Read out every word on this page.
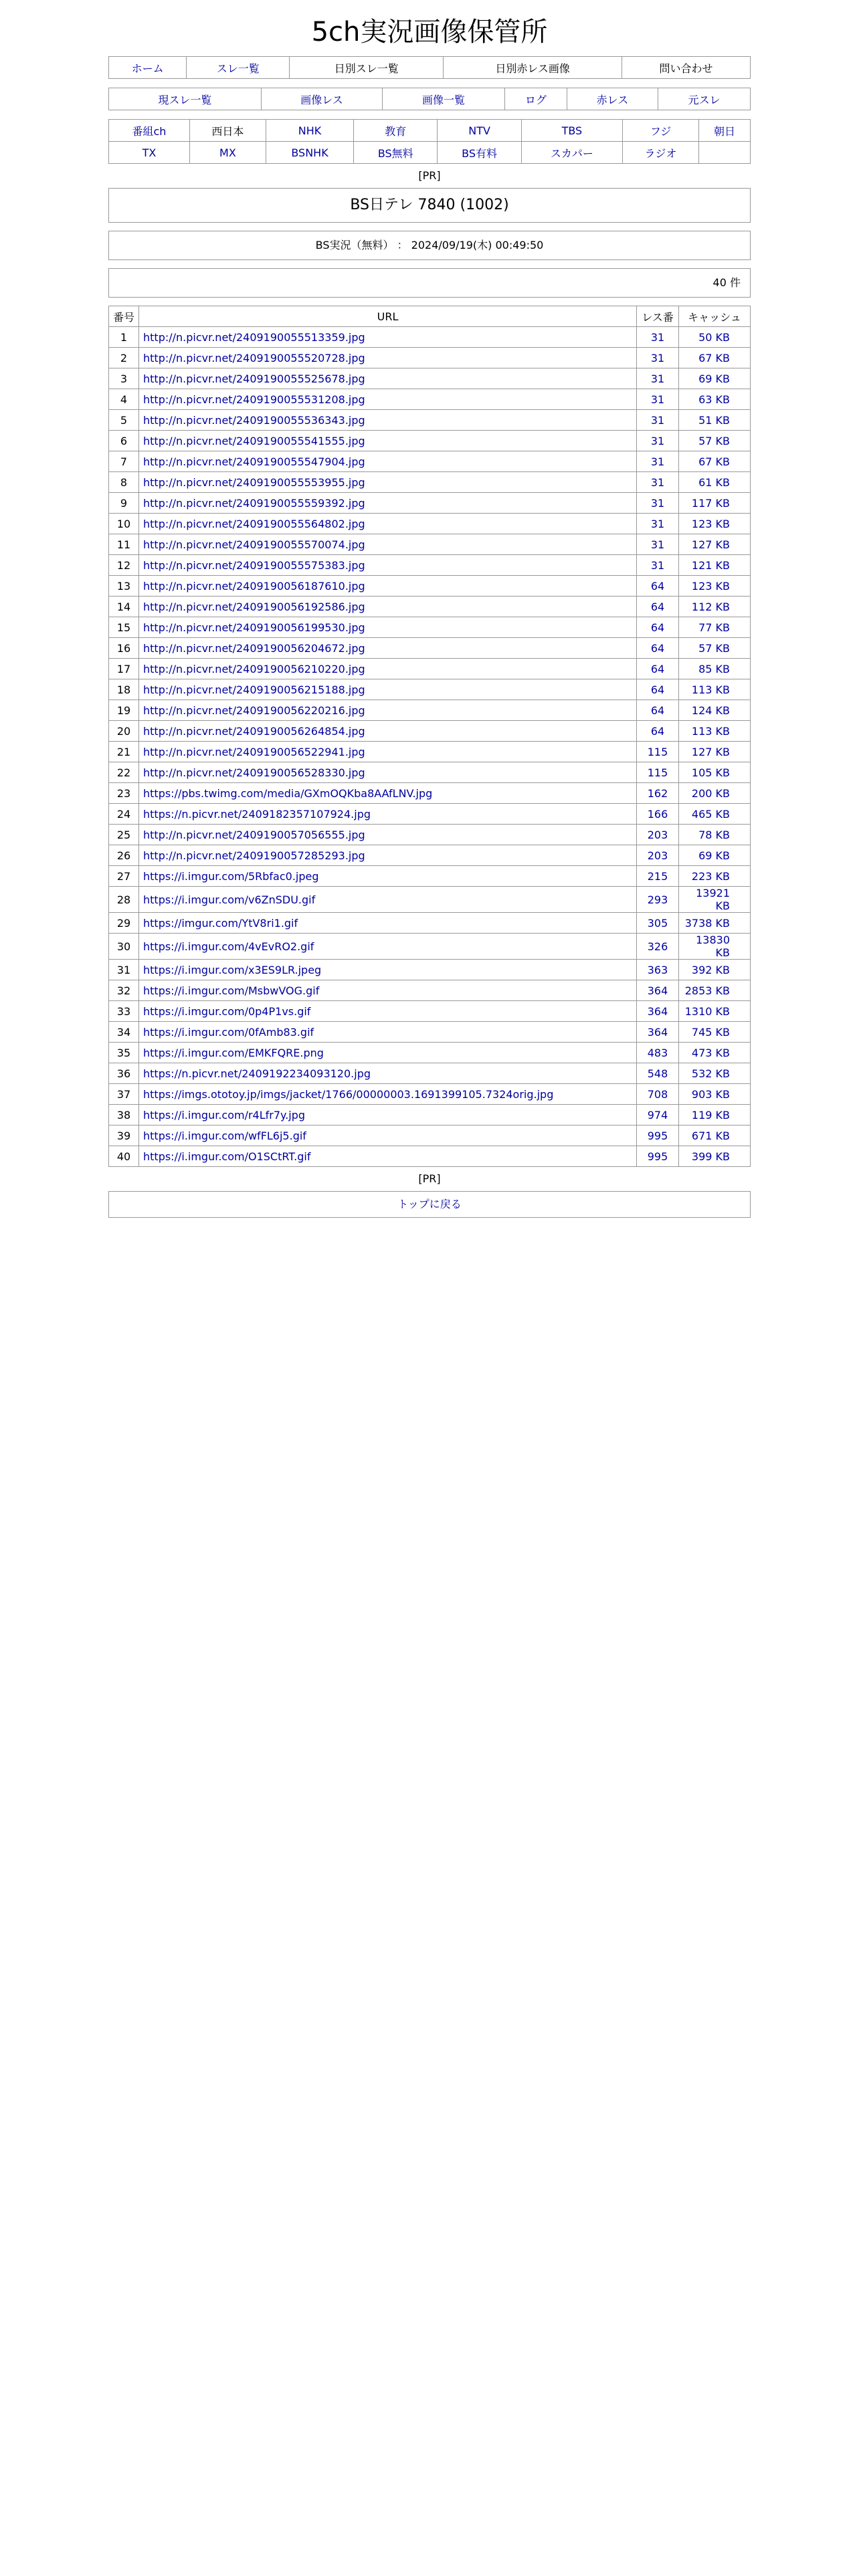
5ch実況画像保管所
ホーム	スレ一覧	日別スレ一覧	日別赤レス画像	問い合わせ
現スレ一覧	画像レス	画像一覧	ログ	赤レス	元スレ
番組ch	西日本	NHK	教育	NTV	TBS	フジ	朝日
TX	MX	BSNHK	BS無料	BS有料	スカパー	ラジオ	
[PR]
BS日テレ 7840 (1002)
BS実況（無料） ： 2024/09/19(木) 00:49:50
40 件
番号	URL	レス番	キャッシュ
1	http://n.picvr.net/2409190055513359.jpg	31	50 KB
2	http://n.picvr.net/2409190055520728.jpg	31	67 KB
3	http://n.picvr.net/2409190055525678.jpg	31	69 KB
4	http://n.picvr.net/2409190055531208.jpg	31	63 KB
5	http://n.picvr.net/2409190055536343.jpg	31	51 KB
6	http://n.picvr.net/2409190055541555.jpg	31	57 KB
7	http://n.picvr.net/2409190055547904.jpg	31	67 KB
8	http://n.picvr.net/2409190055553955.jpg	31	61 KB
9	http://n.picvr.net/2409190055559392.jpg	31	117 KB
10	http://n.picvr.net/2409190055564802.jpg	31	123 KB
11	http://n.picvr.net/2409190055570074.jpg	31	127 KB
12	http://n.picvr.net/2409190055575383.jpg	31	121 KB
13	http://n.picvr.net/2409190056187610.jpg	64	123 KB
14	http://n.picvr.net/2409190056192586.jpg	64	112 KB
15	http://n.picvr.net/2409190056199530.jpg	64	77 KB
16	http://n.picvr.net/2409190056204672.jpg	64	57 KB
17	http://n.picvr.net/2409190056210220.jpg	64	85 KB
18	http://n.picvr.net/2409190056215188.jpg	64	113 KB
19	http://n.picvr.net/2409190056220216.jpg	64	124 KB
20	http://n.picvr.net/2409190056264854.jpg	64	113 KB
21	http://n.picvr.net/2409190056522941.jpg	115	127 KB
22	http://n.picvr.net/2409190056528330.jpg	115	105 KB
23	https://pbs.twimg.com/media/GXmOQKba8AAfLNV.jpg	162	200 KB
24	https://n.picvr.net/2409182357107924.jpg	166	465 KB
25	http://n.picvr.net/2409190057056555.jpg	203	78 KB
26	http://n.picvr.net/2409190057285293.jpg	203	69 KB
27	https://i.imgur.com/5Rbfac0.jpeg	215	223 KB
28	https://i.imgur.com/v6ZnSDU.gif	293	13921 KB
29	https://imgur.com/YtV8ri1.gif	305	3738 KB
30	https://i.imgur.com/4vEvRO2.gif	326	13830 KB
31	https://i.imgur.com/x3ES9LR.jpeg	363	392 KB
32	https://i.imgur.com/MsbwVOG.gif	364	2853 KB
33	https://i.imgur.com/0p4P1vs.gif	364	1310 KB
34	https://i.imgur.com/0fAmb83.gif	364	745 KB
35	https://i.imgur.com/EMKFQRE.png	483	473 KB
36	https://n.picvr.net/2409192234093120.jpg	548	532 KB
37	https://imgs.ototoy.jp/imgs/jacket/1766/00000003.1691399105.7324orig.jpg	708	903 KB
38	https://i.imgur.com/r4Lfr7y.jpg	974	119 KB
39	https://i.imgur.com/wfFL6j5.gif	995	671 KB
40	https://i.imgur.com/O1SCtRT.gif	995	399 KB
[PR]
トップに戻る
